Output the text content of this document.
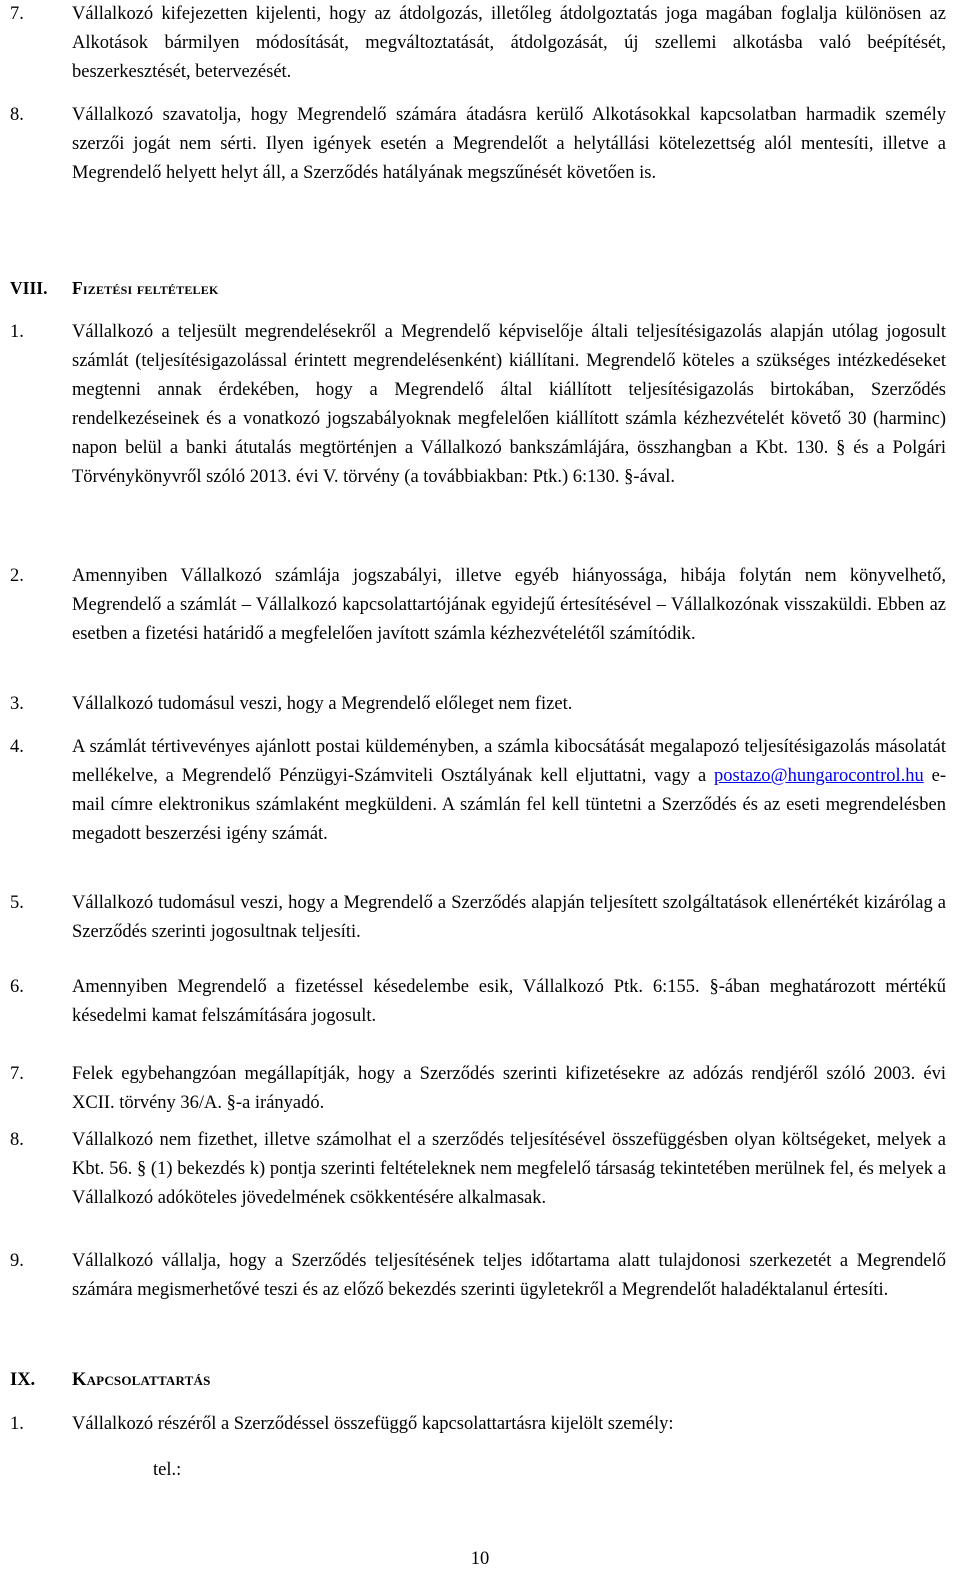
7.	Vállalkozó kifejezetten kijelenti, hogy az átdolgozás, illetőleg átdolgoztatás joga magában foglalja különösen az Alkotások bármilyen módosítását, megváltoztatását, átdolgozását, új szellemi alkotásba való beépítését, beszerkesztését, betervezését.
8.	Vállalkozó szavatolja, hogy Megrendelő számára átadásra kerülő Alkotásokkal kapcsolatban harmadik személy szerzői jogát nem sérti. Ilyen igények esetén a Megrendelőt a helytállási kötelezettség alól mentesíti, illetve a Megrendelő helyett helyt áll, a Szerződés hatályának megszűnését követően is.
VIII. Fizetési feltételek
1.	Vállalkozó a teljesült megrendelésekről a Megrendelő képviselője általi teljesítésigazolás alapján utólag jogosult számlát (teljesítésigazolással érintett megrendelésenként) kiállítani. Megrendelő köteles a szükséges intézkedéseket megtenni annak érdekében, hogy a Megrendelő által kiállított teljesítésigazolás birtokában, Szerződés rendelkezéseinek és a vonatkozó jogszabályoknak megfelelően kiállított számla kézhezvételét követő 30 (harminc) napon belül a banki átutalás megtörténjen a Vállalkozó bankszámlájára, összhangban a Kbt. 130. § és a Polgári Törvénykönyvről szóló 2013. évi V. törvény (a továbbiakban: Ptk.) 6:130. §-ával.
2.	Amennyiben Vállalkozó számlája jogszabályi, illetve egyéb hiányossága, hibája folytán nem könyvelhető, Megrendelő a számlát – Vállalkozó kapcsolattartójának egyidejű értesítésével – Vállalkozónak visszaküldi. Ebben az esetben a fizetési határidő a megfelelően javított számla kézhezvételétől számítódik.
3.	Vállalkozó tudomásul veszi, hogy a Megrendelő előleget nem fizet.
4.	A számlát tértivevényes ajánlott postai küldeményben, a számla kibocsátását megalapozó teljesítésigazolás másolatát mellékelve, a Megrendelő Pénzügyi-Számviteli Osztályának kell eljuttatni, vagy a postazo@hungarocontrol.hu e-mail címre elektronikus számlaként megküldeni. A számlán fel kell tüntetni a Szerződés és az eseti megrendelésben megadott beszerzési igény számát.
5.	Vállalkozó tudomásul veszi, hogy a Megrendelő a Szerződés alapján teljesített szolgáltatások ellenértékét kizárólag a Szerződés szerinti jogosultnak teljesíti.
6.	Amennyiben Megrendelő a fizetéssel késedelembe esik, Vállalkozó Ptk. 6:155. §-ában meghatározott mértékű késedelmi kamat felszámítására jogosult.
7.	Felek egybehangzóan megállapítják, hogy a Szerződés szerinti kifizetésekre az adózás rendjéről szóló 2003. évi XCII. törvény 36/A. §-a irányadó.
8.	Vállalkozó nem fizethet, illetve számolhat el a szerződés teljesítésével összefüggésben olyan költségeket, melyek a Kbt. 56. § (1) bekezdés k) pontja szerinti feltételeknek nem megfelelő társaság tekintetében merülnek fel, és melyek a Vállalkozó adóköteles jövedelmének csökkentésére alkalmasak.
9.	Vállalkozó vállalja, hogy a Szerződés teljesítésének teljes időtartama alatt tulajdonosi szerkezetét a Megrendelő számára megismerhetővé teszi és az előző bekezdés szerinti ügyletekről a Megrendelőt haladéktalanul értesíti.
IX. Kapcsolattartás
1.	Vállalkozó részéről a Szerződéssel összefüggő kapcsolattartásra kijelölt személy:
tel.:
10
